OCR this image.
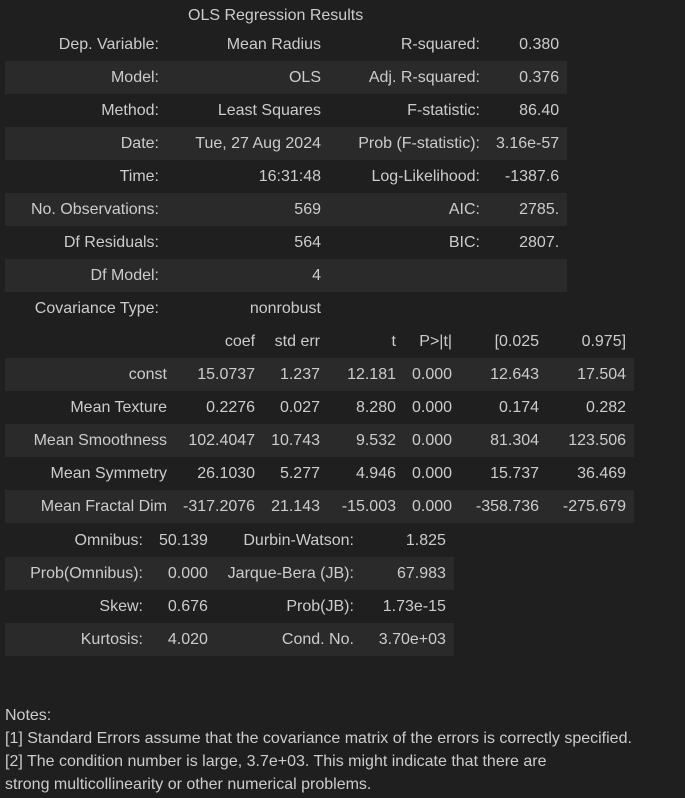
OLS Regression Results
Dep. Variable:	Mean Radius	R-squared:	0.380
Model:	OLS	Adj. R-squared:	0.376
Method:	Least Squares	F-statistic:	86.40
Date:	Tue, 27 Aug 2024	Prob (F-statistic):	3.16e-57
Time:	16:31:48	Log-Likelihood:	-1387.6
No. Observations:	569	AIC:	2785.
Df Residuals:	564	BIC:	2807.
Df Model:	4		
Covariance Type:	nonrobust		
	coef	std err	t	P>|t|	[0.025	0.975]
const	15.0737	1.237	12.181	0.000	12.643	17.504
Mean Texture	0.2276	0.027	8.280	0.000	0.174	0.282
Mean Smoothness	102.4047	10.743	9.532	0.000	81.304	123.506
Mean Symmetry	26.1030	5.277	4.946	0.000	15.737	36.469
Mean Fractal Dim	-317.2076	21.143	-15.003	0.000	-358.736	-275.679
Omnibus:	50.139	Durbin-Watson:	1.825
Prob(Omnibus):	0.000	Jarque-Bera (JB):	67.983
Skew:	0.676	Prob(JB):	1.73e-15
Kurtosis:	4.020	Cond. No.	3.70e+03
Notes:
[1] Standard Errors assume that the covariance matrix of the errors is correctly specified.
[2] The condition number is large, 3.7e+03. This might indicate that there are
strong multicollinearity or other numerical problems.
